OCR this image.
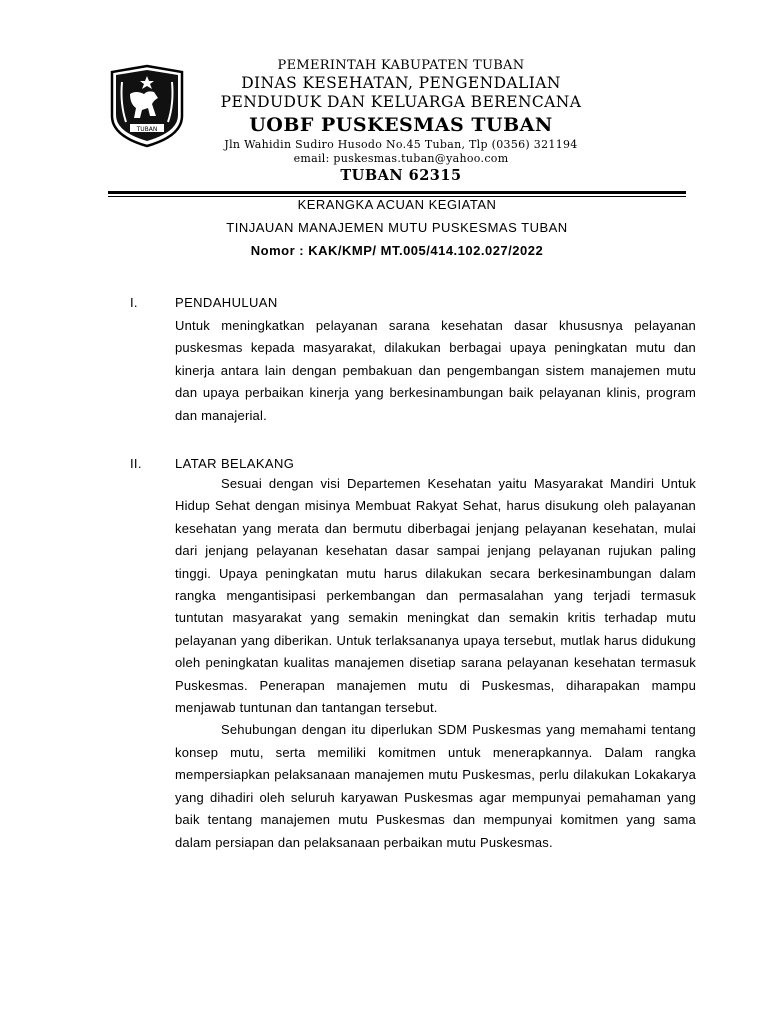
TUBAN
PEMERINTAH KABUPATEN TUBAN
DINAS KESEHATAN, PENGENDALIAN
PENDUDUK DAN KELUARGA BERENCANA
UOBF PUSKESMAS TUBAN
Jln Wahidin Sudiro Husodo No.45 Tuban, Tlp (0356) 321194
email: puskesmas.tuban@yahoo.com
TUBAN 62315
KERANGKA ACUAN KEGIATAN
TINJAUAN MANAJEMEN MUTU PUSKESMAS TUBAN
Nomor : KAK/KMP/ MT.005/414.102.027/2022
I.	PENDAHULUAN

Untuk meningkatkan pelayanan sarana kesehatan dasar khususnya pelayanan puskesmas kepada masyarakat, dilakukan berbagai upaya peningkatan mutu dan kinerja antara lain dengan pembakuan dan pengembangan sistem manajemen mutu dan upaya perbaikan kinerja yang berkesinambungan baik pelayanan klinis, program dan manajerial.

II.	LATAR BELAKANG

Sesuai dengan visi Departemen Kesehatan yaitu Masyarakat Mandiri Untuk Hidup Sehat dengan misinya Membuat Rakyat Sehat, harus disukung oleh palayanan kesehatan yang merata dan bermutu diberbagai jenjang pelayanan kesehatan, mulai dari jenjang pelayanan kesehatan dasar sampai jenjang pelayanan rujukan paling tinggi. Upaya peningkatan mutu harus dilakukan secara berkesinambungan dalam rangka mengantisipasi perkembangan dan permasalahan yang terjadi termasuk tuntutan masyarakat yang semakin meningkat dan semakin kritis terhadap mutu pelayanan yang diberikan. Untuk terlaksananya upaya tersebut, mutlak harus didukung oleh peningkatan kualitas manajemen disetiap sarana pelayanan kesehatan termasuk Puskesmas. Penerapan manajemen mutu di Puskesmas, diharapakan mampu menjawab tuntunan dan tantangan tersebut.

Sehubungan dengan itu diperlukan SDM Puskesmas yang memahami tentang konsep mutu, serta memiliki komitmen untuk menerapkannya. Dalam rangka mempersiapkan pelaksanaan manajemen mutu Puskesmas, perlu dilakukan Lokakarya yang dihadiri oleh seluruh karyawan Puskesmas agar mempunyai pemahaman yang baik tentang manajemen mutu Puskesmas dan mempunyai komitmen yang sama dalam persiapan dan pelaksanaan perbaikan mutu Puskesmas.
